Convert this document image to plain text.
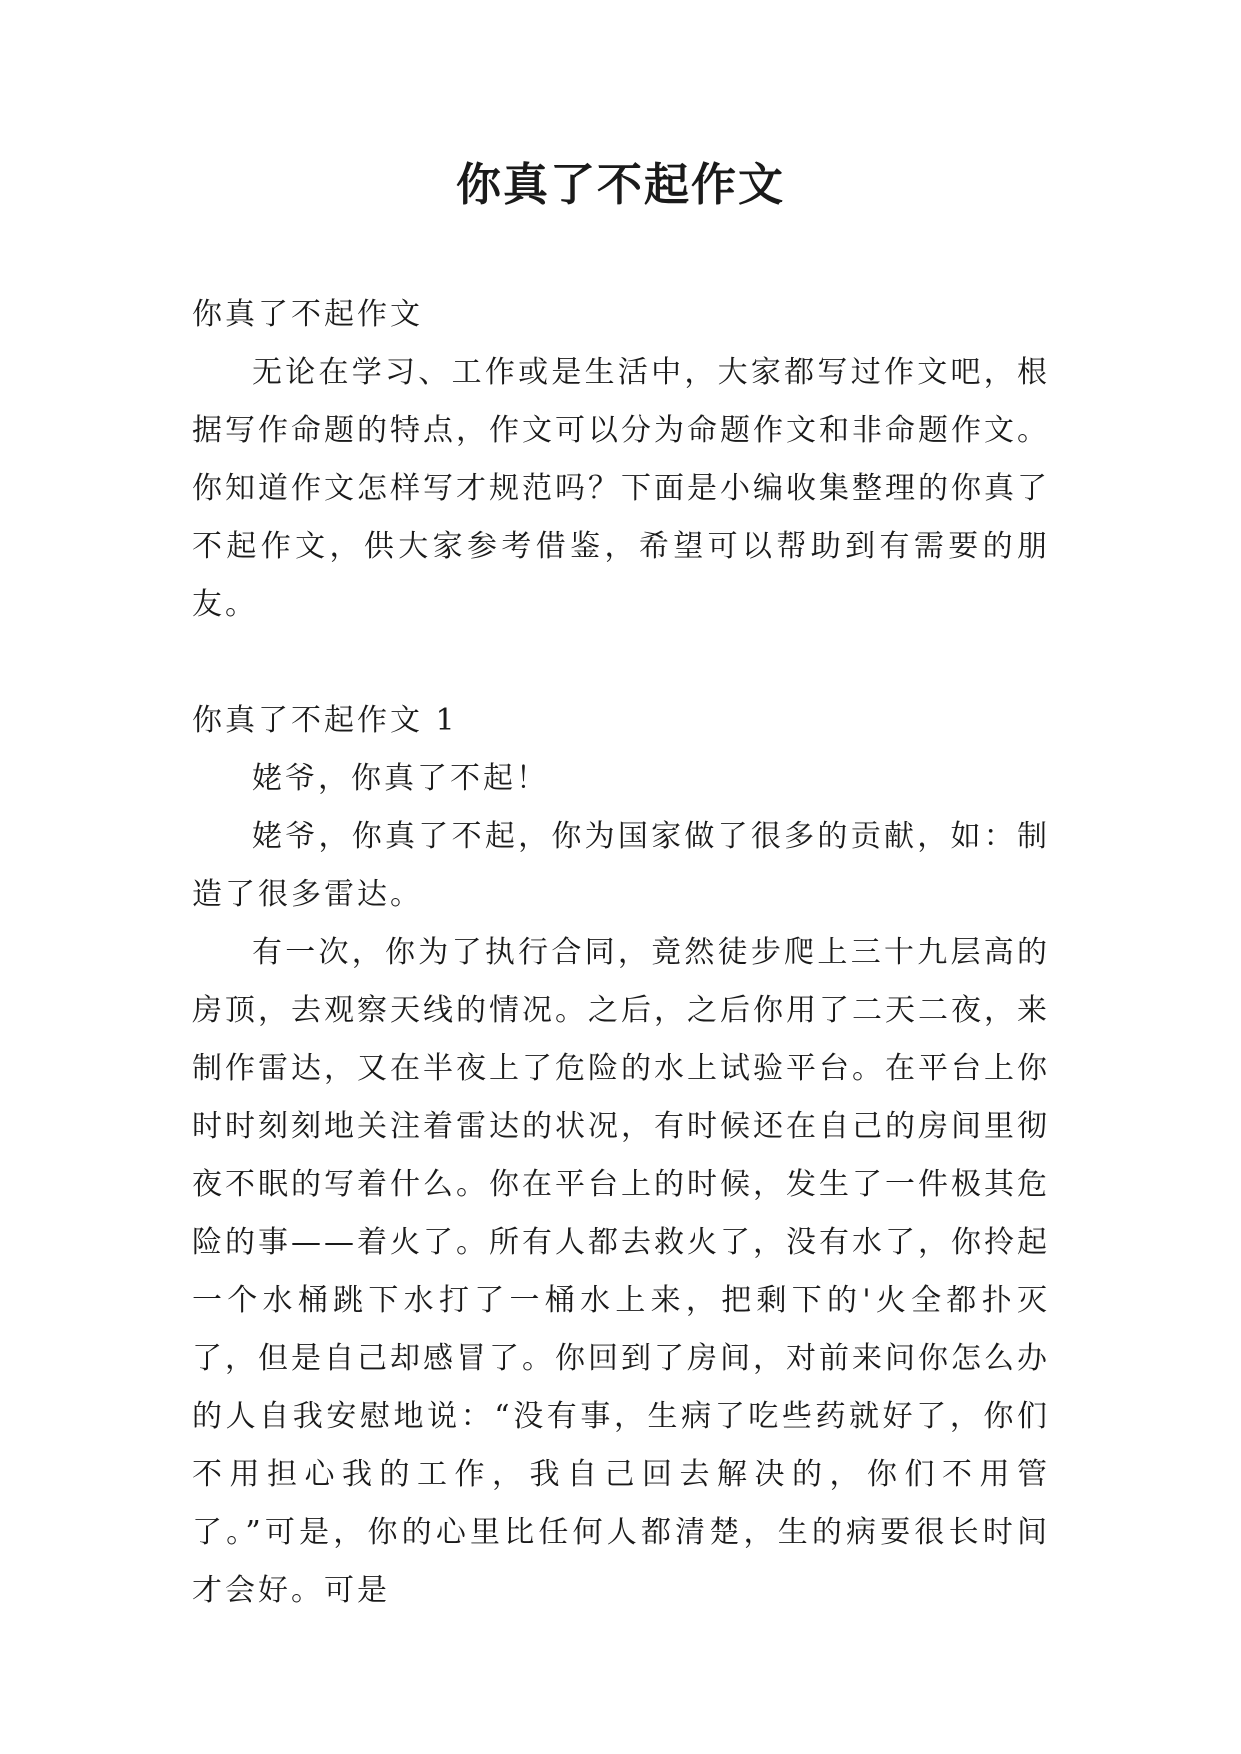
你真了不起作文

你真了不起作文

无论在学习、工作或是生活中，大家都写过作文吧，根据写作命题的特点，作文可以分为命题作文和非命题作文。你知道作文怎样写才规范吗？下面是小编收集整理的你真了不起作文，供大家参考借鉴，希望可以帮助到有需要的朋友。

你真了不起作文 1

姥爷，你真了不起！

姥爷，你真了不起，你为国家做了很多的贡献，如：制造了很多雷达。

有一次，你为了执行合同，竟然徒步爬上三十九层高的房顶，去观察天线的情况。之后，之后你用了二天二夜，来制作雷达，又在半夜上了危险的水上试验平台。在平台上你时时刻刻地关注着雷达的状况，有时候还在自己的房间里彻夜不眠的写着什么。你在平台上的时候，发生了一件极其危险的事——着火了。所有人都去救火了，没有水了，你拎起一个水桶跳下水打了一桶水上来，把剩下的'火全都扑灭了，但是自己却感冒了。你回到了房间，对前来问你怎么办的人自我安慰地说：“没有事，生病了吃些药就好了，你们不用担心我的工作，我自己回去解决的，你们不用管了。”可是，你的心里比任何人都清楚，生的病要很长时间才会好。可是
